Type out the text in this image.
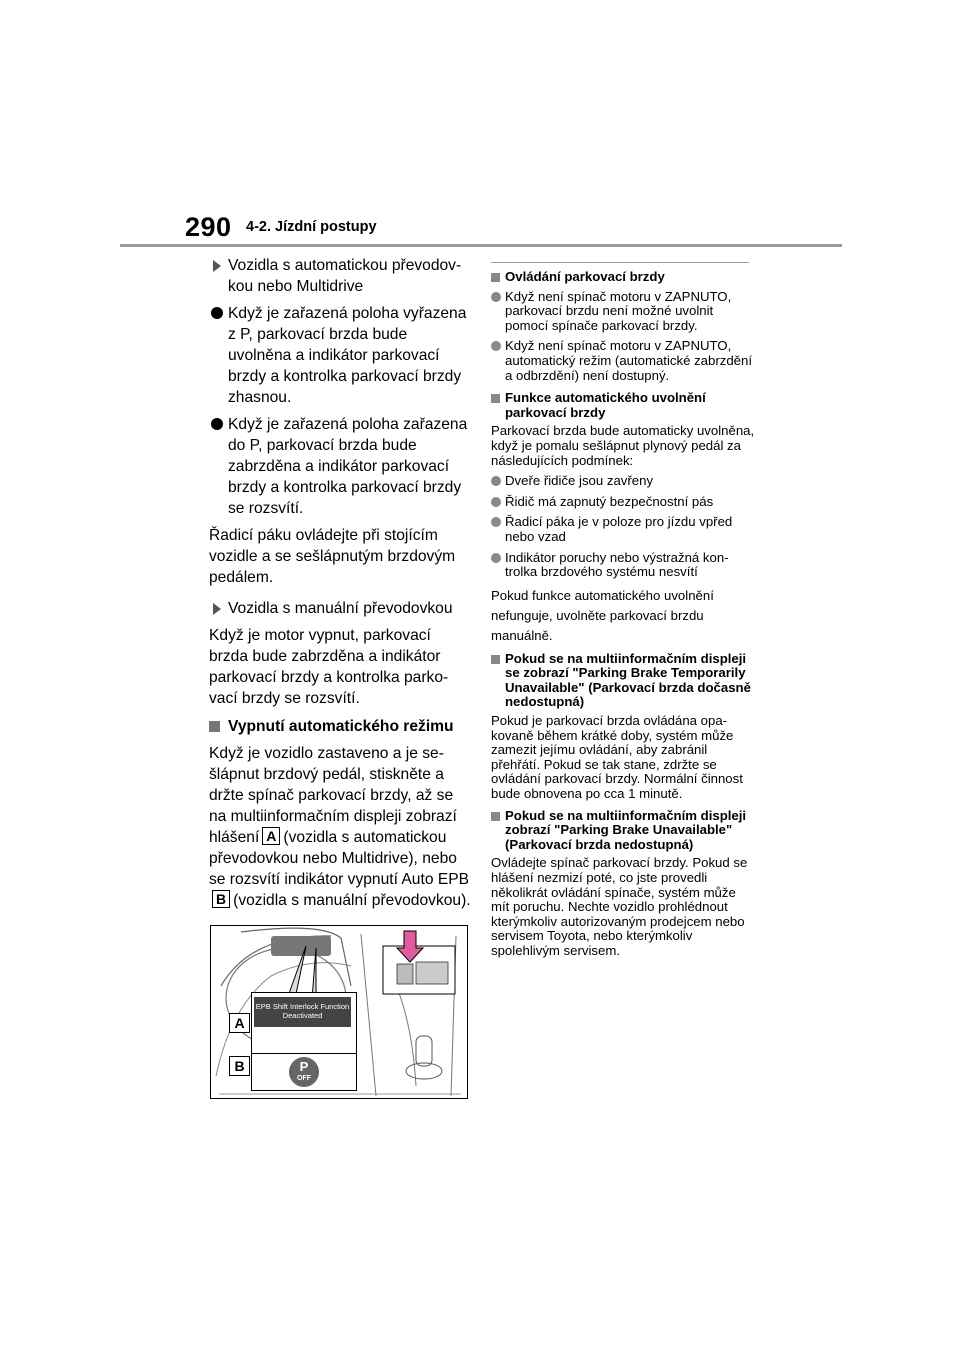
290 4-2. Jízdní postupy
Vozidla s automatickou převodovkou nebo Multidrive
Když je zařazená poloha vyřazena z P, parkovací brzda bude uvolněna a indikátor parkovací brzdy a kontrolka parkovací brzdy zhasnou.
Když je zařazená poloha zařazena do P, parkovací brzda bude zabrzděna a indikátor parkovací brzdy a kontrolka parkovací brzdy se rozsvítí.
Řadicí páku ovládejte při stojícím vozidle a se sešlápnutým brzdovým pedálem.
Vozidla s manuální převodovkou
Když je motor vypnut, parkovací brzda bude zabrzděna a indikátor parkovací brzdy a kontrolka parkovací brzdy se rozsvítí.
Vypnutí automatického režimu
Když je vozidlo zastaveno a je sešlápnut brzdový pedál, stiskněte a držte spínač parkovací brzdy, až se na multiinformačním displeji zobrazí hlášení A (vozidla s automatickou převodovkou nebo Multidrive), nebo se rozsvítí indikátor vypnutí Auto EPBB (vozidla s manuální převodovkou).
A
B
EPB Shift Interlock Function Deactivated
P
OFF
Ovládání parkovací brzdy
Když není spínač motoru v ZAPNUTO, parkovací brzdu není možné uvolnit pomocí spínače parkovací brzdy.
Když není spínač motoru v ZAPNUTO, automatický režim (automatické zabrzdění a odbrzdění) není dostupný.
Funkce automatického uvolnění parkovací brzdy
Parkovací brzda bude automaticky uvolněna, když je pomalu sešlápnut plynový pedál za následujících podmínek:
Dveře řidiče jsou zavřeny
Řidič má zapnutý bezpečnostní pás
Řadicí páka je v poloze pro jízdu vpřed nebo vzad
Indikátor poruchy nebo výstražná kontrolka brzdového systému nesvítí
Pokud funkce automatického uvolnění
nefunguje, uvolněte parkovací brzdu
manuálně.
Pokud se na multiinformačním displeji se zobrazí "Parking Brake Temporarily Unavailable" (Parkovací brzda dočasně nedostupná)
Pokud je parkovací brzda ovládána opakovaně během krátké doby, systém může zamezit jejímu ovládání, aby zabránil přehřátí. Pokud se tak stane, zdržte se ovládání parkovací brzdy. Normální činnost bude obnovena po cca 1 minutě.
Pokud se na multiinformačním displeji zobrazí "Parking Brake Unavailable" (Parkovací brzda nedostupná)
Ovládejte spínač parkovací brzdy. Pokud se hlášení nezmizí poté, co jste provedli několikrát ovládání spínače, systém může mít poruchu. Nechte vozidlo prohlédnout kterýmkoliv autorizovaným prodejcem nebo servisem Toyota, nebo kterýmkoliv spolehlivým servisem.
